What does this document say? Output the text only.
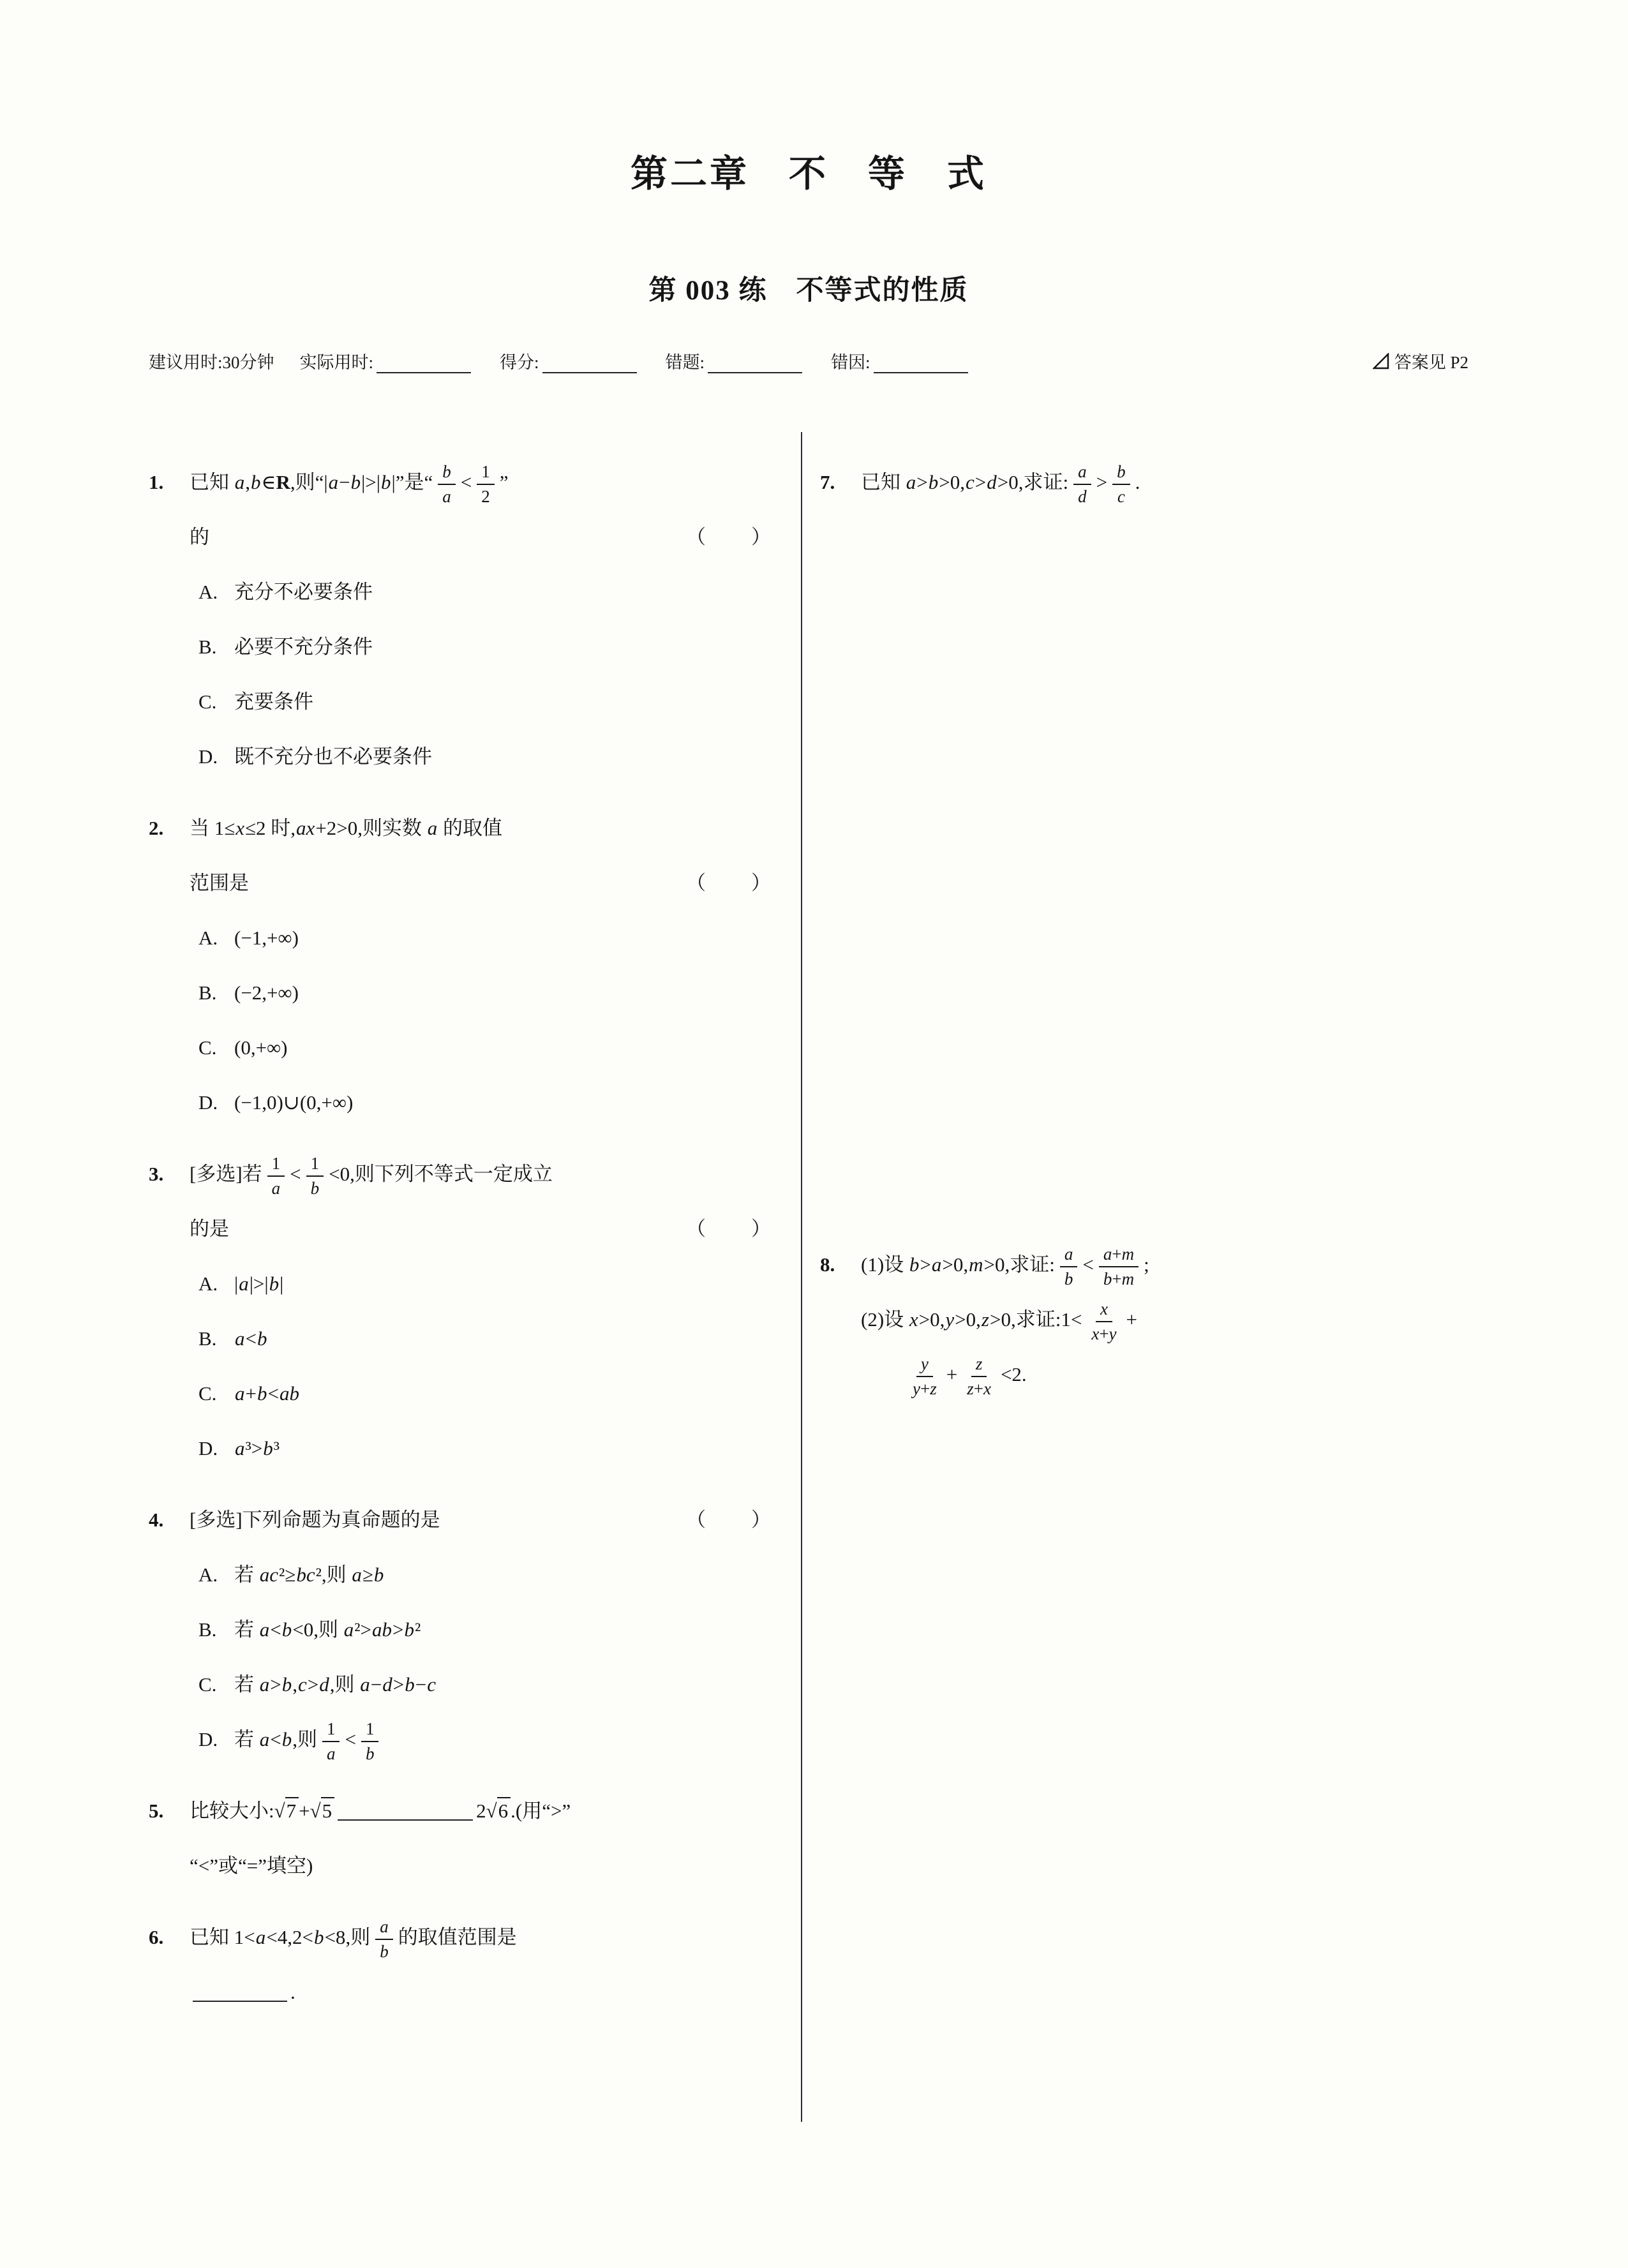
第二章　不　等　式
第 003 练　不等式的性质
建议用时:30分钟 实际用时:	得分:	错题:	错因:	答案见 P2
1. 已知 a,b∈R,则“|a−b|>|b|”是“ $\frac{b}{a} < \frac{1}{2}$ ”
的	（　　）
A. 充分不必要条件
B. 必要不充分条件
C. 充要条件
D. 既不充分也不必要条件
2. 当 1≤x≤2 时,ax+2>0,则实数 a 的取值
范围是	（　　）
A. (−1,+∞)
B. (−2,+∞)
C. (0,+∞)
D. (−1,0)∪(0,+∞)
3. [多选]若 $\frac{1}{a} < \frac{1}{b} <0$,则下列不等式一定成立
的是	（　　）
A. |a|>|b|
B. a<b
C. a+b<ab
D. a³>b³
4. [多选]下列命题为真命题的是	（　　）
A. 若 ac²≥bc²,则 a≥b
B. 若 a<b<0,则 a²>ab>b²
C. 若 a>b,c>d,则 a−d>b−c
D. 若 a<b,则 $\frac{1}{a} < \frac{1}{b}$
5. 比较大小:√7 +√5	2√6 .(用“>”
“<”或“=”填空)
6. 已知 1<a<4,2<b<8,则 $\frac{a}{b}$ 的取值范围是
.
7. 已知 a>b>0,c>d>0,求证: $\frac{a}{d} > \frac{b}{c}$ .
8. (1)设 b>a>0,m>0,求证: $\frac{a}{b} < \frac{a+m}{b+m}$ ;
(2)设 x>0,y>0,z>0,求证:1< $\frac{x}{x+y}$ +
$\frac{y}{y+z} + \frac{z}{z+x} <2$.
